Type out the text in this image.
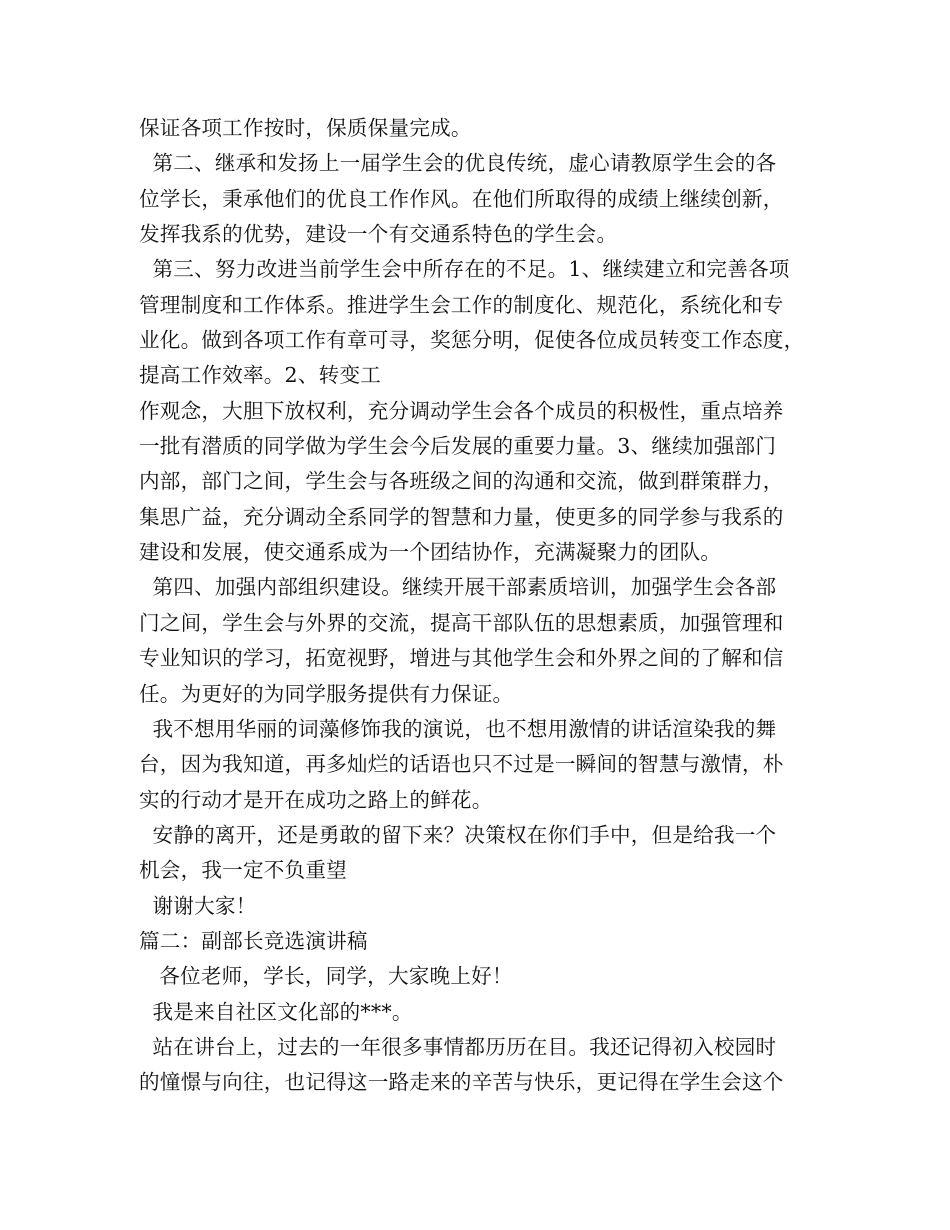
保证各项工作按时，保质保量完成。
第二、继承和发扬上一届学生会的优良传统，虚心请教原学生会的各
位学长，秉承他们的优良工作作风。在他们所取得的成绩上继续创新，
发挥我系的优势，建设一个有交通系特色的学生会。
第三、努力改进当前学生会中所存在的不足。1、继续建立和完善各项
管理制度和工作体系。推进学生会工作的制度化、规范化，系统化和专
业化。做到各项工作有章可寻，奖惩分明，促使各位成员转变工作态度，
提高工作效率。2、转变工
作观念，大胆下放权利，充分调动学生会各个成员的积极性，重点培养
一批有潜质的同学做为学生会今后发展的重要力量。3、继续加强部门
内部，部门之间，学生会与各班级之间的沟通和交流，做到群策群力，
集思广益，充分调动全系同学的智慧和力量，使更多的同学参与我系的
建设和发展，使交通系成为一个团结协作，充满凝聚力的团队。
第四、加强内部组织建设。继续开展干部素质培训，加强学生会各部
门之间，学生会与外界的交流，提高干部队伍的思想素质，加强管理和
专业知识的学习，拓宽视野，增进与其他学生会和外界之间的了解和信
任。为更好的为同学服务提供有力保证。
我不想用华丽的词藻修饰我的演说，也不想用激情的讲话渲染我的舞
台，因为我知道，再多灿烂的话语也只不过是一瞬间的智慧与激情，朴
实的行动才是开在成功之路上的鲜花。
安静的离开，还是勇敢的留下来？决策权在你们手中，但是给我一个
机会，我一定不负重望
谢谢大家！
篇二：副部长竞选演讲稿
各位老师，学长，同学，大家晚上好！
我是来自社区文化部的***。
站在讲台上，过去的一年很多事情都历历在目。我还记得初入校园时
的憧憬与向往，也记得这一路走来的辛苦与快乐，更记得在学生会这个
